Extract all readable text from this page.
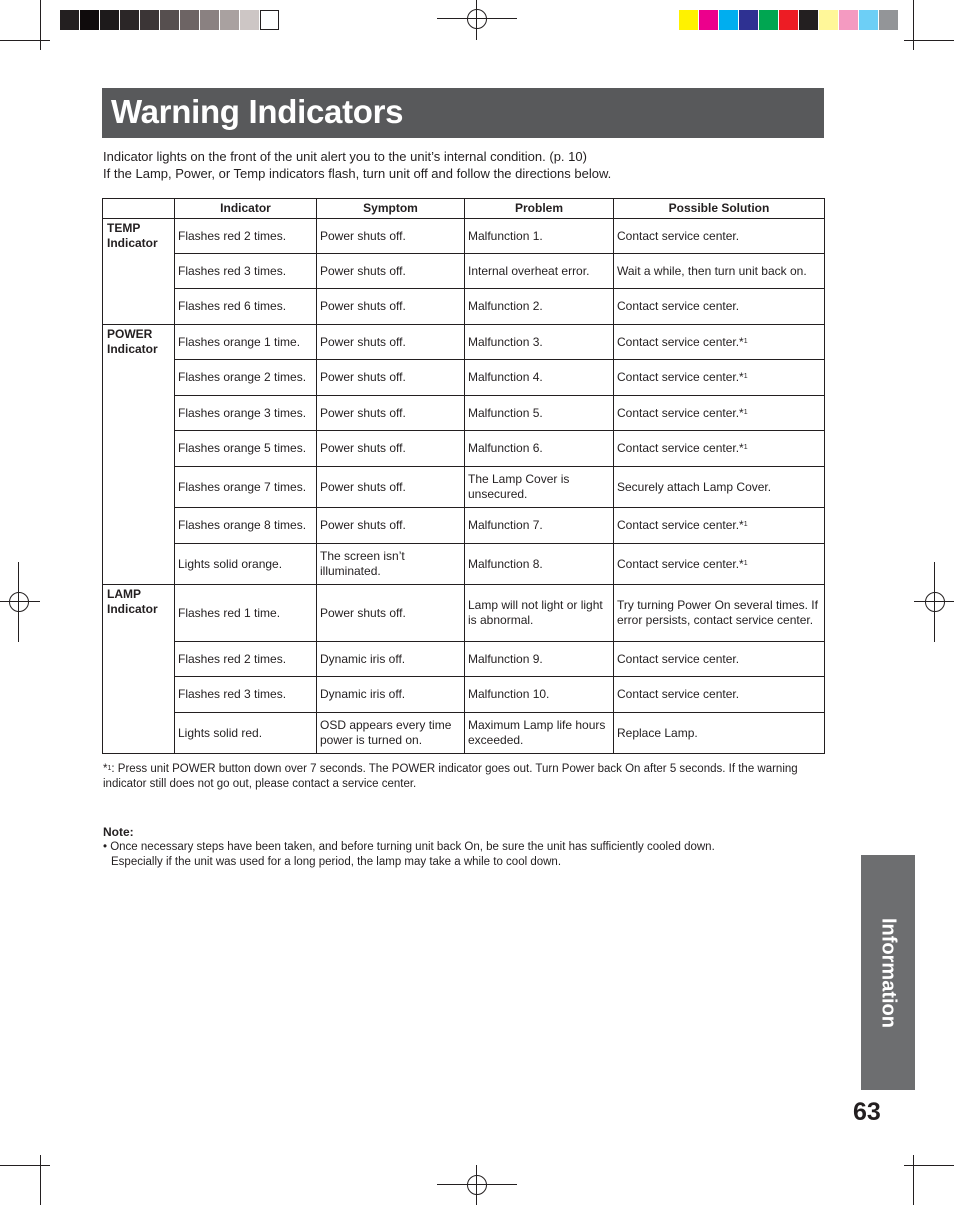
Warning Indicators
Indicator lights on the front of the unit alert you to the unit’s internal condition. (p. 10)
If the Lamp, Power, or Temp indicators flash, turn unit off and follow the directions below.
	Indicator	Symptom	Problem	Possible Solution

TEMP
Indicator	Flashes red 2 times.	Power shuts off.	Malfunction 1.	Contact service center.
	Flashes red 3 times.	Power shuts off.	Internal overheat error.	Wait a while, then turn unit back on.
	Flashes red 6 times.	Power shuts off.	Malfunction 2.	Contact service center.

POWER
Indicator	Flashes orange 1 time.	Power shuts off.	Malfunction 3.	Contact service center.*$^1$
	Flashes orange 2 times.	Power shuts off.	Malfunction 4.	Contact service center.*$^1$
	Flashes orange 3 times.	Power shuts off.	Malfunction 5.	Contact service center.*$^1$
	Flashes orange 5 times.	Power shuts off.	Malfunction 6.	Contact service center.*$^1$
	Flashes orange 7 times.	Power shuts off.	The Lamp Cover is unsecured.	Securely attach Lamp Cover.
	Flashes orange 8 times.	Power shuts off.	Malfunction 7.	Contact service center.*$^1$
	Lights solid orange.	The screen isn’t illuminated.	Malfunction 8.	Contact service center.*$^1$

LAMP
Indicator	Flashes red 1 time.	Power shuts off.	Lamp will not light or light is abnormal.	Try turning Power On several times. If error persists, contact service center.
	Flashes red 2 times.	Dynamic iris off.	Malfunction 9.	Contact service center.
	Flashes red 3 times.	Dynamic iris off.	Malfunction 10.	Contact service center.
	Lights solid red.	OSD appears every time power is turned on.	Maximum Lamp life hours exceeded.	Replace Lamp.
*$^1$: Press unit POWER button down over 7 seconds. The POWER indicator goes out. Turn Power back On after 5 seconds. If the warning indicator still does not go out, please contact a service center.
Note:
• Once necessary steps have been taken, and before turning unit back On, be sure the unit has sufficiently cooled down.
Especially if the unit was used for a long period, the lamp may take a while to cool down.
Information
63
